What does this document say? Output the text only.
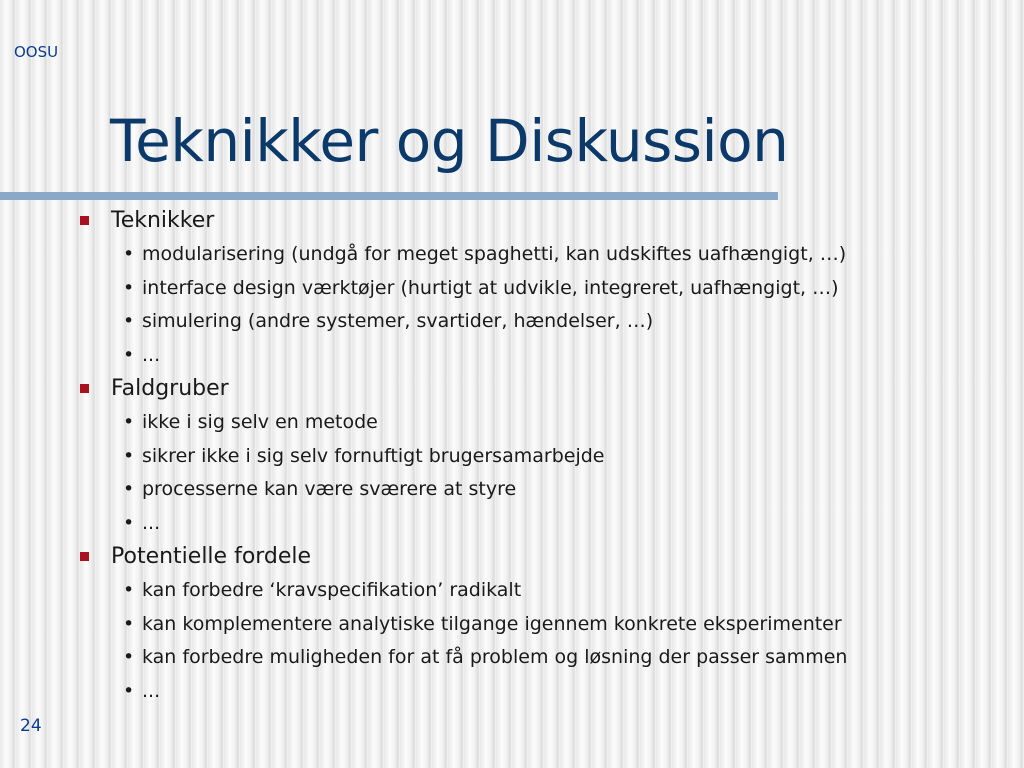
OOSU
Teknikker og Diskussion
Teknikker
• modularisering (undgå for meget spaghetti, kan udskiftes uafhængigt, …)
• interface design værktøjer (hurtigt at udvikle, integreret, uafhængigt, …)
• simulering (andre systemer, svartider, hændelser, …)
• ...
Faldgruber
• ikke i sig selv en metode
• sikrer ikke i sig selv fornuftigt brugersamarbejde
• processerne kan være sværere at styre
• ...
Potentielle fordele
• kan forbedre ‘kravspecifikation’ radikalt
• kan komplementere analytiske tilgange igennem konkrete eksperimenter
• kan forbedre muligheden for at få problem og løsning der passer sammen
• ...
24
